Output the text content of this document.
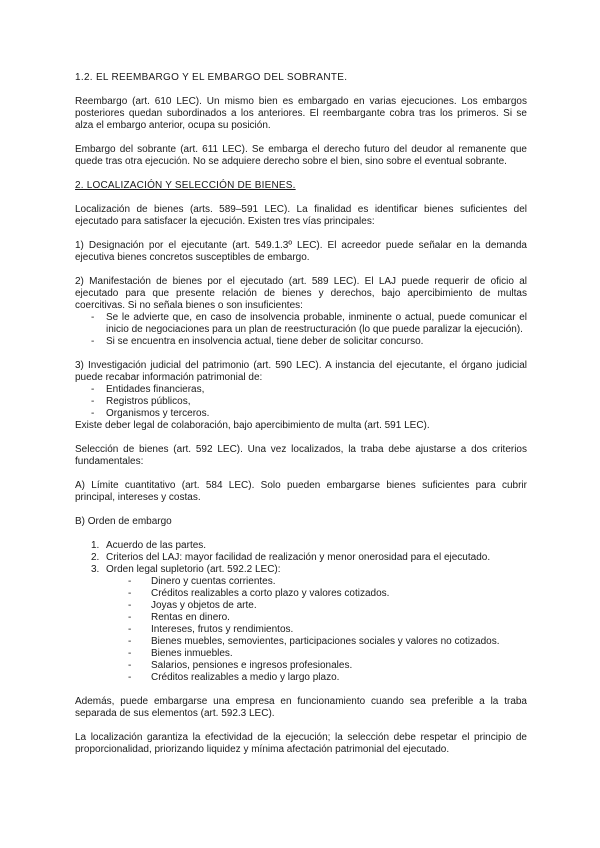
1.2. EL REEMBARGO Y EL EMBARGO DEL SOBRANTE.

Reembargo (art. 610 LEC). Un mismo bien es embargado en varias ejecuciones. Los embargos posteriores quedan subordinados a los anteriores. El reembargante cobra tras los primeros. Si se alza el embargo anterior, ocupa su posición.

Embargo del sobrante (art. 611 LEC). Se embarga el derecho futuro del deudor al remanente que quede tras otra ejecución. No se adquiere derecho sobre el bien, sino sobre el eventual sobrante.

2. LOCALIZACIÓN Y SELECCIÓN DE BIENES.

Localización de bienes (arts. 589–591 LEC). La finalidad es identificar bienes suficientes del ejecutado para satisfacer la ejecución. Existen tres vías principales:

1) Designación por el ejecutante (art. 549.1.3º LEC). El acreedor puede señalar en la demanda ejecutiva bienes concretos susceptibles de embargo.

2) Manifestación de bienes por el ejecutado (art. 589 LEC). El LAJ puede requerir de oficio al ejecutado para que presente relación de bienes y derechos, bajo apercibimiento de multas coercitivas. Si no señala bienes o son insuficientes:

- Se le advierte que, en caso de insolvencia probable, inminente o actual, puede comunicar el inicio de negociaciones para un plan de reestructuración (lo que puede paralizar la ejecución).
- Si se encuentra en insolvencia actual, tiene deber de solicitar concurso.

3) Investigación judicial del patrimonio (art. 590 LEC). A instancia del ejecutante, el órgano judicial puede recabar información patrimonial de:

- Entidades financieras,
- Registros públicos,
- Organismos y terceros.

Existe deber legal de colaboración, bajo apercibimiento de multa (art. 591 LEC).

Selección de bienes (art. 592 LEC). Una vez localizados, la traba debe ajustarse a dos criterios fundamentales:

A) Límite cuantitativo (art. 584 LEC). Solo pueden embargarse bienes suficientes para cubrir principal, intereses y costas.

B) Orden de embargo

1. Acuerdo de las partes.
2. Criterios del LAJ: mayor facilidad de realización y menor onerosidad para el ejecutado.
3. Orden legal supletorio (art. 592.2 LEC):
- Dinero y cuentas corrientes.
- Créditos realizables a corto plazo y valores cotizados.
- Joyas y objetos de arte.
- Rentas en dinero.
- Intereses, frutos y rendimientos.
- Bienes muebles, semovientes, participaciones sociales y valores no cotizados.
- Bienes inmuebles.
- Salarios, pensiones e ingresos profesionales.
- Créditos realizables a medio y largo plazo.

Además, puede embargarse una empresa en funcionamiento cuando sea preferible a la traba separada de sus elementos (art. 592.3 LEC).

La localización garantiza la efectividad de la ejecución; la selección debe respetar el principio de proporcionalidad, priorizando liquidez y mínima afectación patrimonial del ejecutado.
